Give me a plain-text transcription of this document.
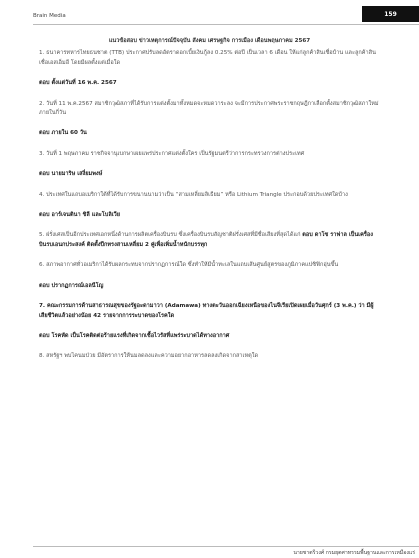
Brain Media	159
แนวข้อสอบ ข่าวเหตุการณ์ปัจจุบัน สังคม เศรษฐกิจ การเมือง เดือนพฤษภาคม 2567
1. ธนาคารทหารไทยธนชาต (TTB) ประกาศปรับลดอัตราดอกเบี้ยเงินกู้ลง 0.25% ต่อปี เป็นเวลา 6 เดือน ให้แก่ลูกค้าสินเชื่อบ้าน และลูกค้าสินเชื่อเอสเอ็มอี โดยมีผลตั้งแต่เมื่อใด
ตอบ ตั้งแต่วันที่ 16 พ.ค. 2567
2. วันที่ 11 พ.ค.2567 สมาชิกวุฒิสภาที่ได้รับการแต่งตั้งมาทั้งหมดจะหมดวาระลง จะมีการประกาศพระราชกฤษฎีกาเลือกตั้งสมาชิกวุฒิสภาใหม่ ภายในกี่วัน
ตอบ ภายใน 60 วัน
3. วันที่ 1 พฤษภาคม ราชกิจจานุเบกษาเผยแพร่ประกาศแต่งตั้งใคร เป็นรัฐมนตรีว่าการกระทรวงการต่างประเทศ
ตอบ นายมาริษ เสงี่ยมพงษ์
4. ประเทศในแถบอเมริกาใต้ที่ได้รับการขนานนามว่าเป็น “สามเหลี่ยมลิเธียม” หรือ Lithium Triangle ประกอบด้วยประเทศใดบ้าง
ตอบ อาร์เจนตินา ชิลี และโบลิเวีย
5. ฝรั่งเศสเป็นอีกประเทศเอกหนึ่งด้านการผลิตเครื่องบินรบ ซึ่งเครื่องบินรบสัญชาติฝรั่งเศสที่มีชื่อเสียงที่สุดได้แก่ ตอบ ดาโซ ราฟาล เป็นเครื่องบินรบเอนกประสงค์ ติดตั้งปีกทรงสามเหลี่ยม 2 คู่เพื่อเพิ่มน้ำหนักบรรทุก
6. สภาพอากาศทั่วอเมริกาได้รับผลกระทบจากปรากฏการณ์ใด ซึ่งทำให้มีน้ำทะเลในแถบเส้นศูนย์สูตรของภูมิภาคแปซิฟิกอุ่นขึ้น
ตอบ ปรากฏการณ์เอลนีโญ
7. คณะกรรมการด้านสาธารณสุขของรัฐอะดามาวา (Adamawa) ทางตะวันออกเฉียงเหนือของไนจีเรียเปิดเผยเมื่อวันศุกร์ (3 พ.ค.) ว่า มีผู้เสียชีวิตแล้วอย่างน้อย 42 รายจากการระบาดของโรคใด
ตอบ โรคหัด เป็นโรคติดต่อร้ายแรงที่เกิดจากเชื้อไวรัสที่แพร่ระบาดได้ทางอากาศ
8. สหรัฐฯ พบไคนมป่วย มีอัตราการให้นมลดลงและความอยากอาหารลดลงเกิดจากสาเหตุใด
นายชาตรีวงศ์ กรมยุตศาทรรมพื้นฐานและการเหมืองแร่
